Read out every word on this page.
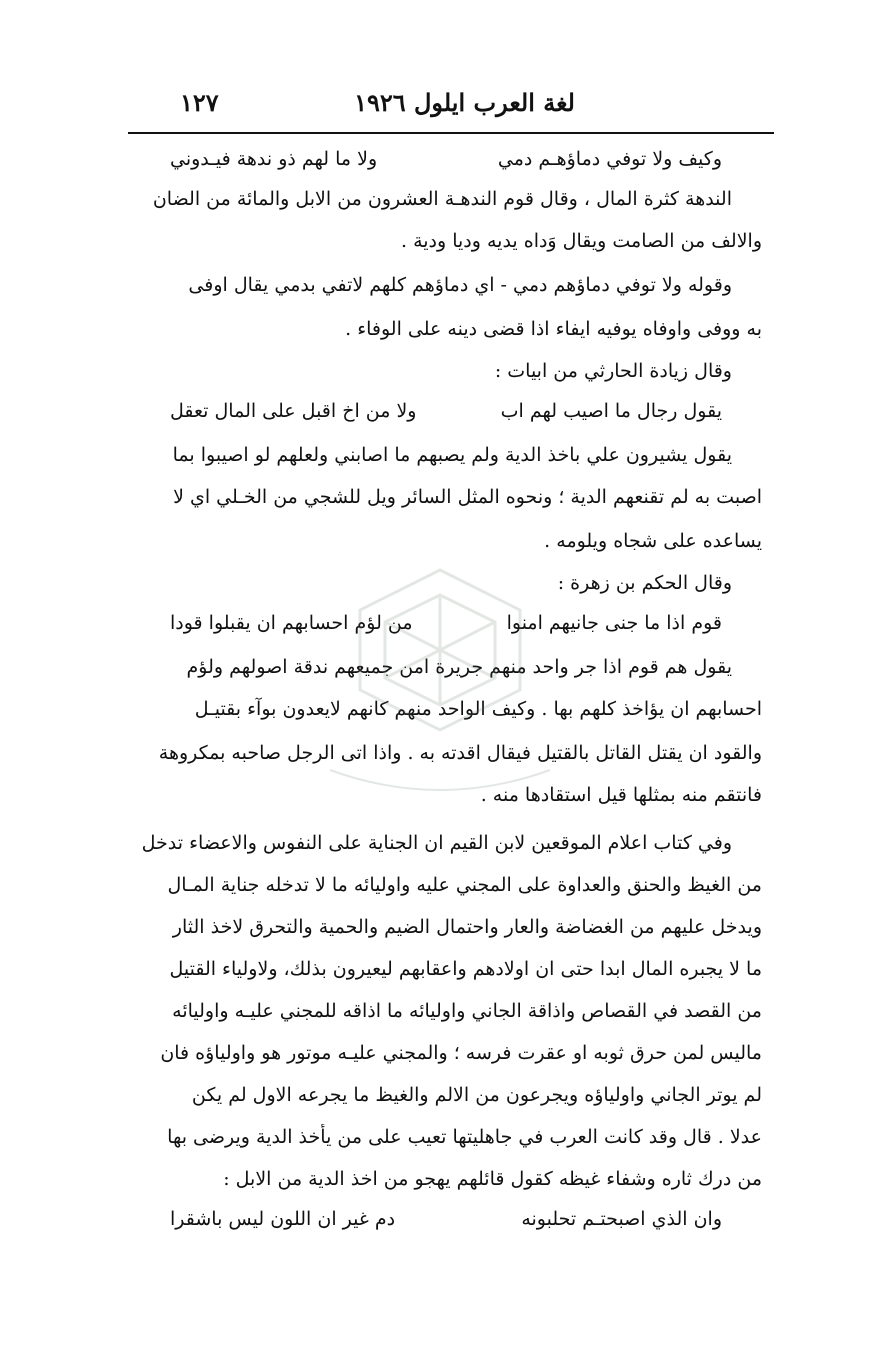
لغة العرب ايلول ١٩٢٦
١٢٧
وكيف ولا توفي دماؤهـم دمي
ولا ما لهم ذو ندهة فيـدوني
الندهة كثرة المال ، وقال قوم الندهـة العشرون من الابل والمائة من الضان
والالف من الصامت ويقال وَداه يديه وديا ودية .
وقوله ولا توفي دماؤهم دمي - اي دماؤهم كلهم لاتفي بدمي يقال اوفى
به ووفى واوفاه يوفيه ايفاء اذا قضى دينه على الوفاء .
وقال زيادة الحارثي من ابيات :
يقول رجال ما اصيب لهم اب
ولا من اخ اقبل على المال تعقل
يقول يشيرون علي باخذ الدية ولم يصبهم ما اصابني ولعلهم لو اصيبوا بما
اصبت به لم تقنعهم الدية ؛ ونحوه المثل السائر ويل للشجي من الخـلي اي لا
يساعده على شجاه ويلومه .
وقال الحكم بن زهرة :
قوم اذا ما جنى جانيهم امنوا
من لؤم احسابهم ان يقبلوا قودا
يقول هم قوم اذا جر واحد منهم جريرة امن جميعهم ندقة اصولهم ولؤم
احسابهم ان يؤاخذ كلهم بها . وكيف الواحد منهم كانهم لايعدون بوآء بقتيـل
والقود ان يقتل القاتل بالقتيل فيقال اقدته به . واذا اتى الرجل صاحبه بمكروهة
فانتقم منه بمثلها قيل استقادها منه .
وفي كتاب اعلام الموقعين لابن القيم ان الجناية على النفوس والاعضاء تدخل
من الغيظ والحنق والعداوة على المجني عليه واوليائه ما لا تدخله جناية المـال
ويدخل عليهم من الغضاضة والعار واحتمال الضيم والحمية والتحرق لاخذ الثار
ما لا يجبره المال ابدا حتى ان اولادهم واعقابهم ليعيرون بذلك، ولاولياء القتيل
من القصد في القصاص واذاقة الجاني واوليائه ما اذاقه للمجني عليـه واوليائه
ماليس لمن حرق ثوبه او عقرت فرسه ؛ والمجني عليـه موتور هو واولياؤه فان
لم يوتر الجاني واولياؤه ويجرعون من الالم والغيظ ما يجرعه الاول لم يكن
عدلا . قال وقد كانت العرب في جاهليتها تعيب على من يأخذ الدية ويرضى بها
من درك ثاره وشفاء غيظه كقول قائلهم يهجو من اخذ الدية من الابل :
وان الذي اصبحتـم تحلبونه
دم غير ان اللون ليس باشقرا
